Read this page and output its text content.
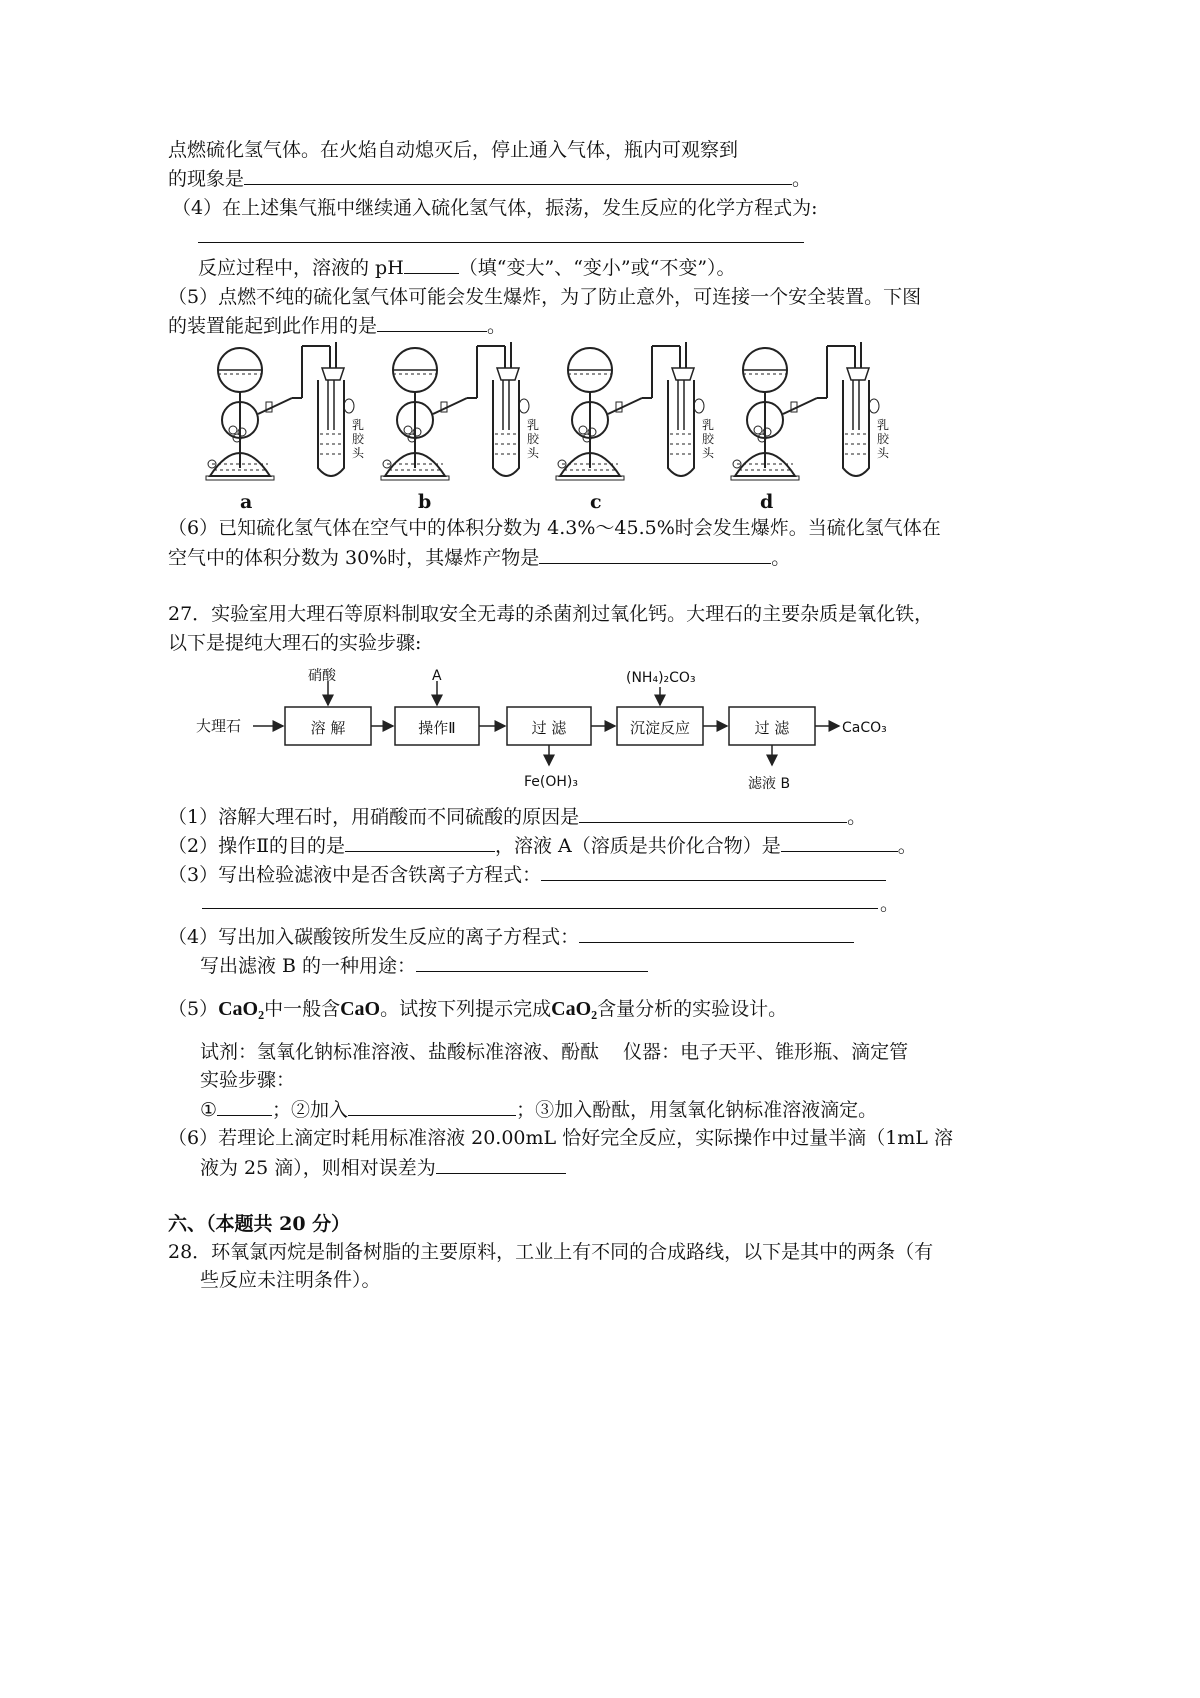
点燃硫化氢气体。在火焰自动熄灭后，停止通入气体，瓶内可观察到
的现象是	。
（4）在上述集气瓶中继续通入硫化氢气体，振荡，发生反应的化学方程式为:
反应过程中，溶液的 pH	（填“变大”、“变小”或“不变”）。
（5）点燃不纯的硫化氢气体可能会发生爆炸，为了防止意外，可连接一个安全装置。下图
的装置能起到此作用的是	。
乳
胶
头
乳
胶
头
乳
胶
头
乳
胶
头
a	b	c	d
（6）已知硫化氢气体在空气中的体积分数为 4.3%～45.5%时会发生爆炸。当硫化氢气体在
空气中的体积分数为 30%时，其爆炸产物是	。
27．实验室用大理石等原料制取安全无毒的杀菌剂过氧化钙。大理石的主要杂质是氧化铁，
以下是提纯大理石的实验步骤:
大理石	溶 解	操作Ⅱ	过 滤	沉淀反应	过 滤
硝酸	A	(NH₄)₂CO₃
Fe(OH)₃	滤液 B
CaCO₃
（1）溶解大理石时，用硝酸而不同硫酸的原因是	。
（2）操作Ⅱ的目的是	，溶液 A（溶质是共价化合物）是	。
（3）写出检验滤液中是否含铁离子方程式：
。
（4）写出加入碳酸铵所发生反应的离子方程式：
写出滤液 B 的一种用途：
（5）CaO₂中一般含CaO。试按下列提示完成CaO₂含量分析的实验设计。
试剂：氢氧化钠标准溶液、盐酸标准溶液、酚酞    仪器：电子天平、锥形瓶、滴定管
实验步骤：
①	；②加入	；③加入酚酞，用氢氧化钠标准溶液滴定。
（6）若理论上滴定时耗用标准溶液 20.00mL 恰好完全反应，实际操作中过量半滴（1mL 溶
液为 25 滴），则相对误差为
六、（本题共 20 分）
28．环氧氯丙烷是制备树脂的主要原料，工业上有不同的合成路线，以下是其中的两条（有
些反应未注明条件）。
